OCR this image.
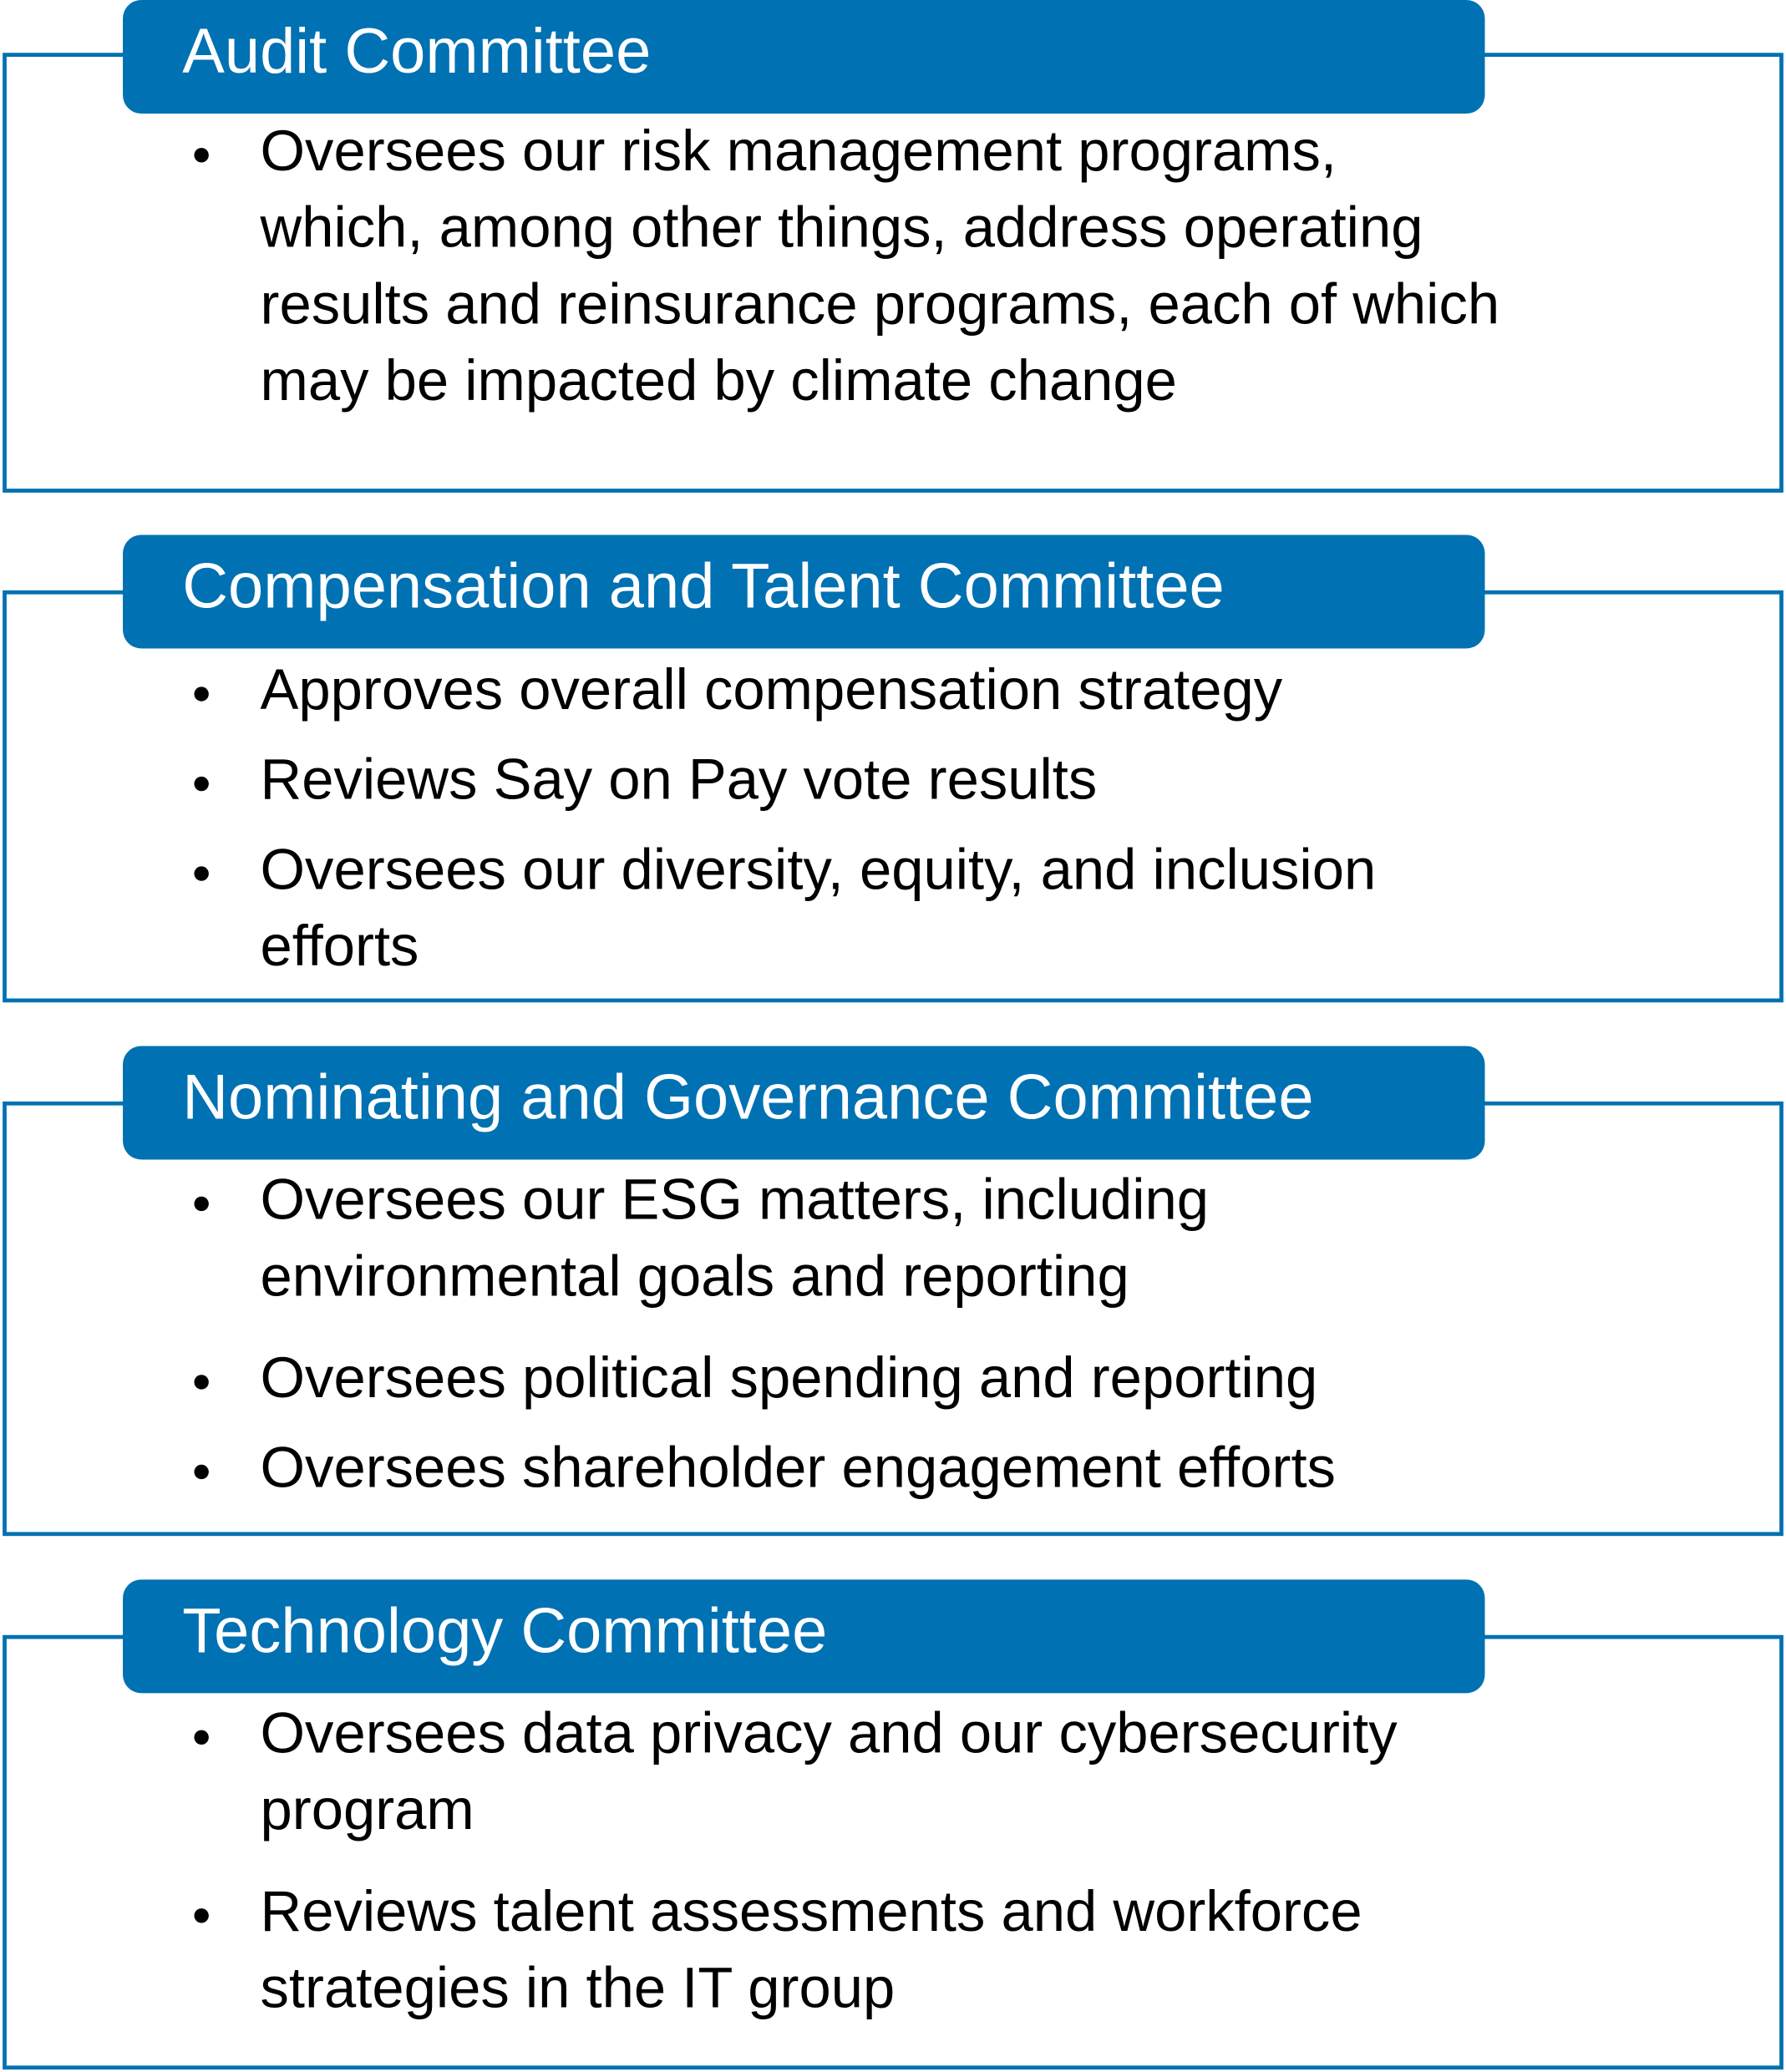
Audit Committee
Oversees our risk management programs,
which, among other things, address operating
results and reinsurance programs, each of which
may be impacted by climate change
Compensation and Talent Committee
Approves overall compensation strategy
Reviews Say on Pay vote results
Oversees our diversity, equity, and inclusion
efforts
Nominating and Governance Committee
Oversees our ESG matters, including
environmental goals and reporting
Oversees political spending and reporting
Oversees shareholder engagement efforts
Technology Committee
Oversees data privacy and our cybersecurity
program
Reviews talent assessments and workforce
strategies in the IT group
